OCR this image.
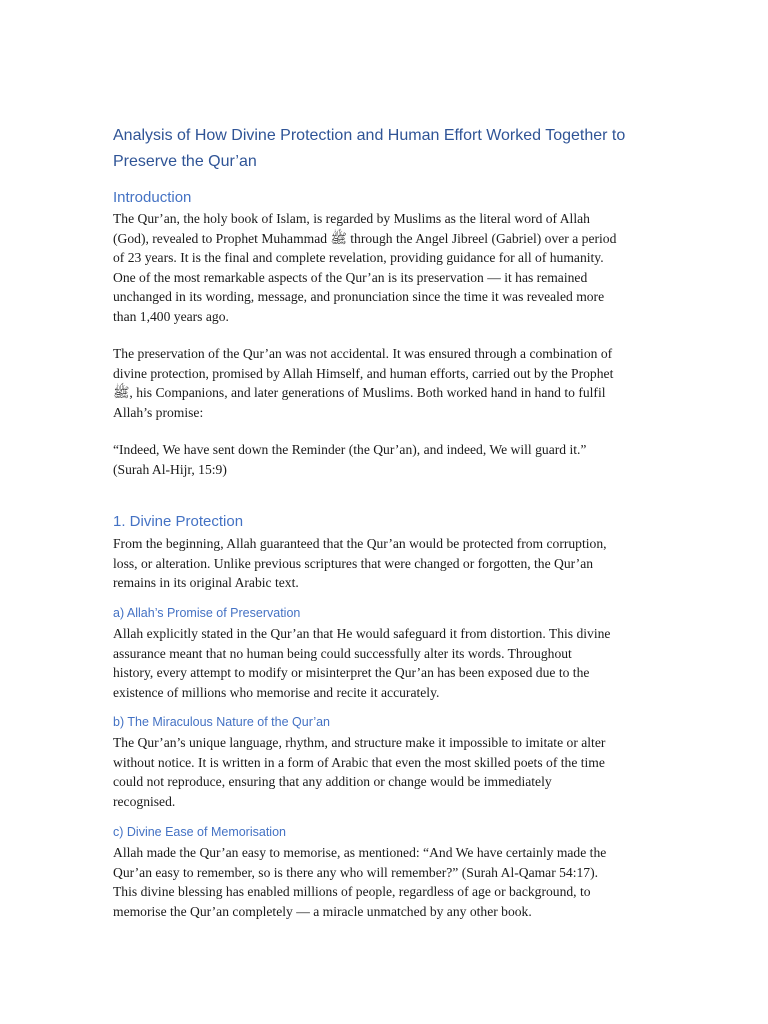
Analysis of How Divine Protection and Human Effort Worked Together to
Preserve the Qur’an
Introduction

The Qur’an, the holy book of Islam, is regarded by Muslims as the literal word of Allah
(God), revealed to Prophet Muhammad ﷺ through the Angel Jibreel (Gabriel) over a period
of 23 years. It is the final and complete revelation, providing guidance for all of humanity.
One of the most remarkable aspects of the Qur’an is its preservation — it has remained
unchanged in its wording, message, and pronunciation since the time it was revealed more
than 1,400 years ago.

The preservation of the Qur’an was not accidental. It was ensured through a combination of
divine protection, promised by Allah Himself, and human efforts, carried out by the Prophet
ﷺ, his Companions, and later generations of Muslims. Both worked hand in hand to fulfil
Allah’s promise:

“Indeed, We have sent down the Reminder (the Qur’an), and indeed, We will guard it.”
(Surah Al-Hijr, 15:9)

1. Divine Protection

From the beginning, Allah guaranteed that the Qur’an would be protected from corruption,
loss, or alteration. Unlike previous scriptures that were changed or forgotten, the Qur’an
remains in its original Arabic text.

a) Allah’s Promise of Preservation

Allah explicitly stated in the Qur’an that He would safeguard it from distortion. This divine
assurance meant that no human being could successfully alter its words. Throughout
history, every attempt to modify or misinterpret the Qur’an has been exposed due to the
existence of millions who memorise and recite it accurately.

b) The Miraculous Nature of the Qur’an

The Qur’an’s unique language, rhythm, and structure make it impossible to imitate or alter
without notice. It is written in a form of Arabic that even the most skilled poets of the time
could not reproduce, ensuring that any addition or change would be immediately
recognised.

c) Divine Ease of Memorisation

Allah made the Qur’an easy to memorise, as mentioned: “And We have certainly made the
Qur’an easy to remember, so is there any who will remember?” (Surah Al-Qamar 54:17).
This divine blessing has enabled millions of people, regardless of age or background, to
memorise the Qur’an completely — a miracle unmatched by any other book.
